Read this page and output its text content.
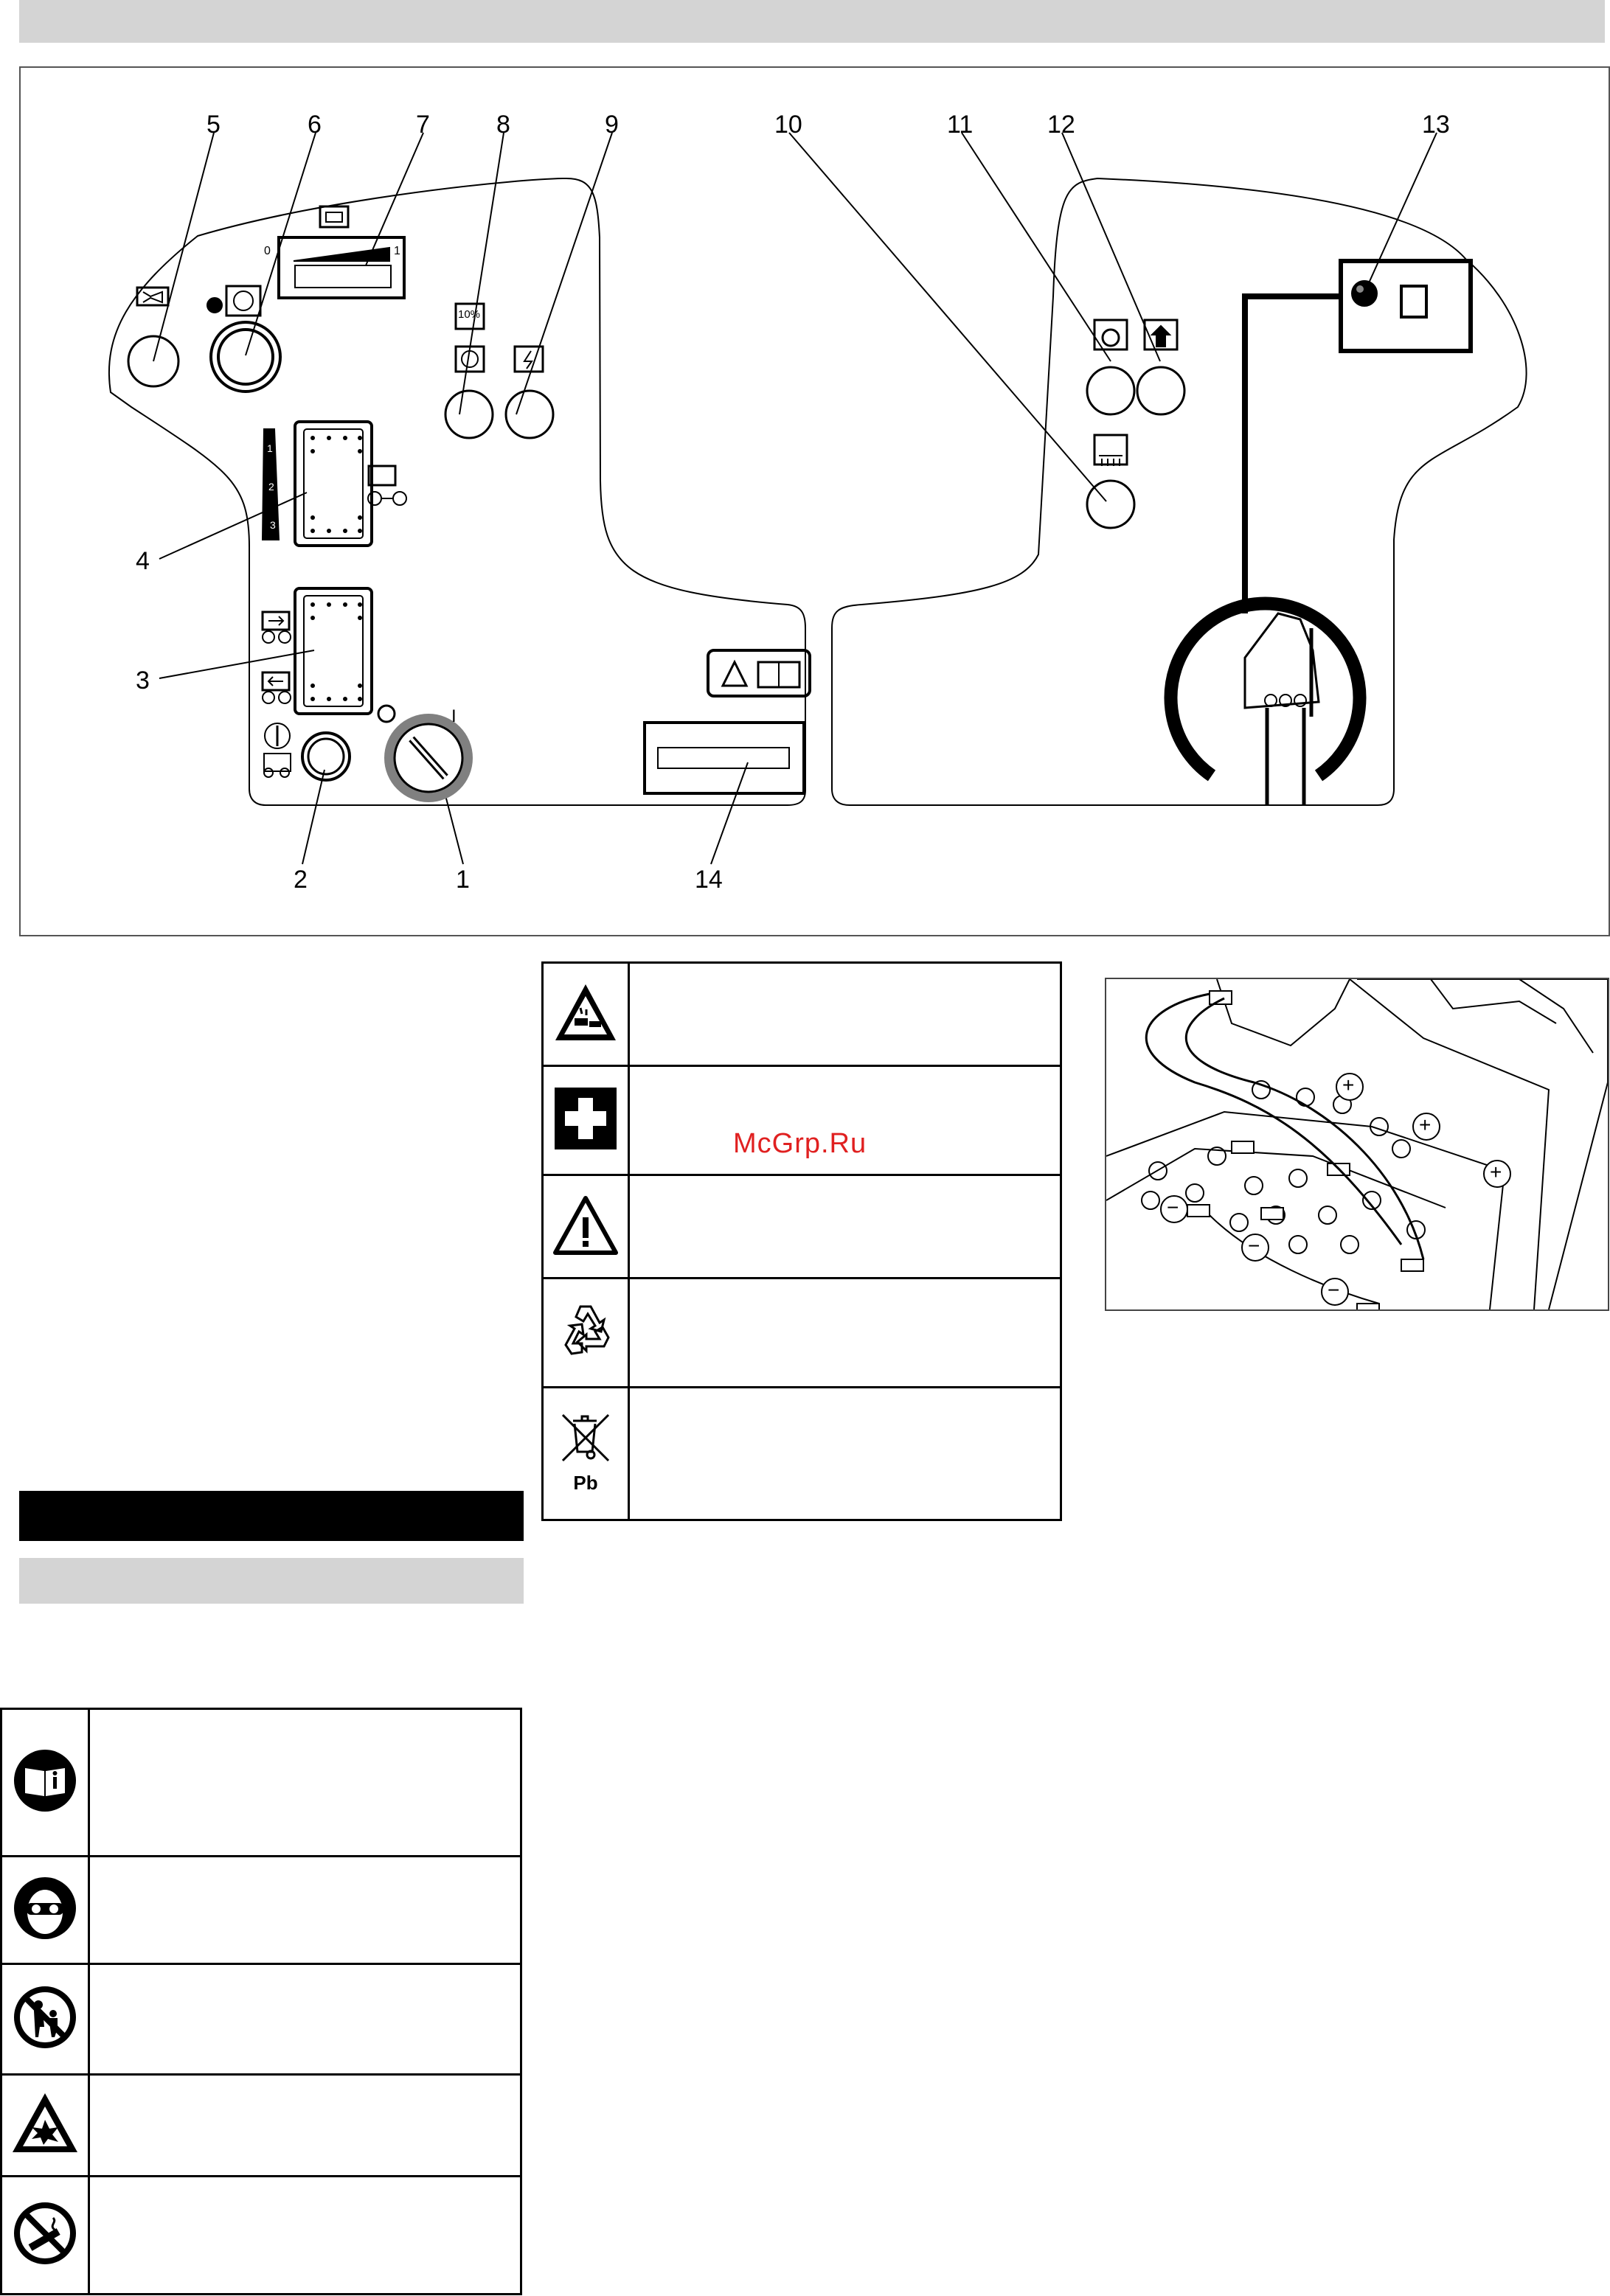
5	6	7	8	9	10	11	12	13
4
3
2	1	14
0	1
1
2
3
10%
I

Pb	

McGrp.Ru
+
+
+
−
−
−
